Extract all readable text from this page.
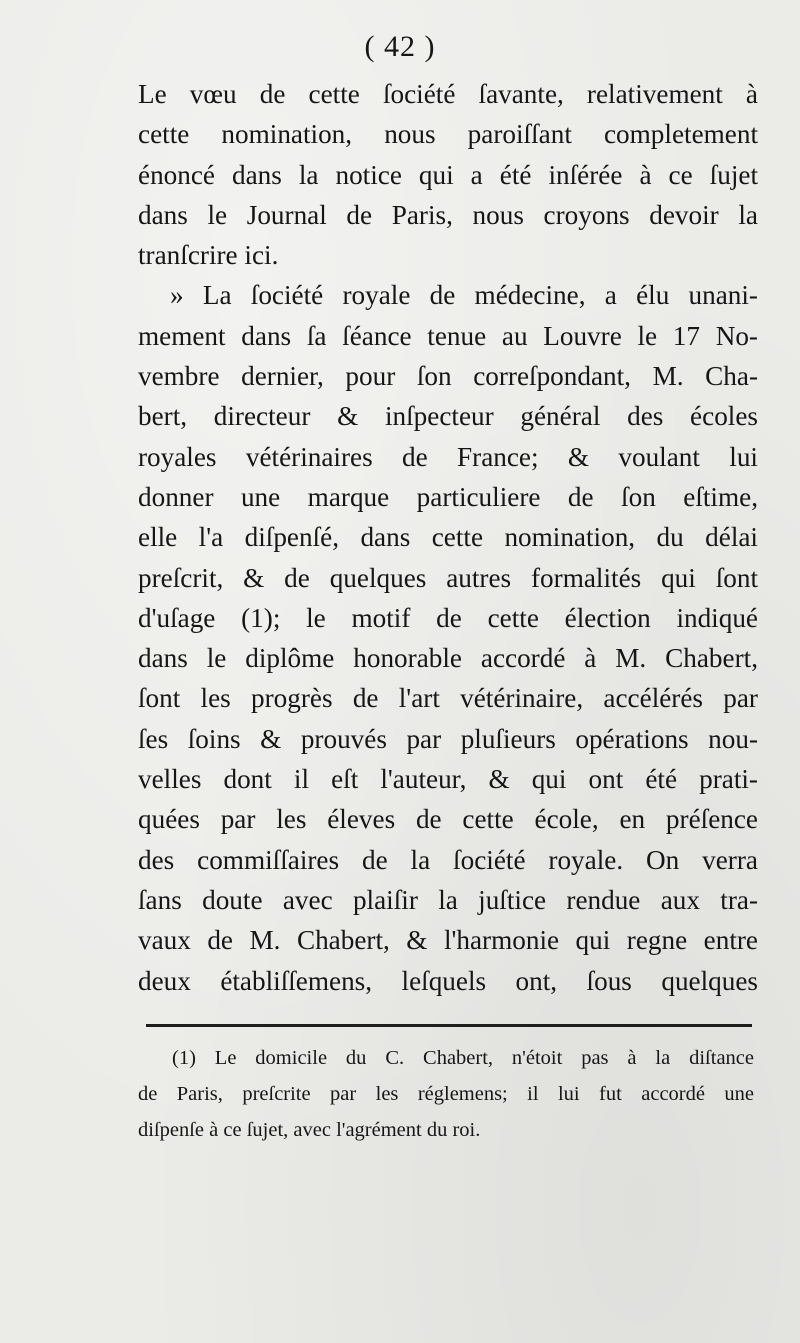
( 42 )
Le vœu de cette ſociété ſavante, relativement à
cette nomination, nous paroiſſant completement
énoncé dans la notice qui a été inſérée à ce ſujet
dans le Journal de Paris, nous croyons devoir la
tranſcrire ici.
» La ſociété royale de médecine, a élu unani-
mement dans ſa ſéance tenue au Louvre le 17 No-
vembre dernier, pour ſon correſpondant, M. Cha-
bert, directeur & inſpecteur général des écoles
royales vétérinaires de France; & voulant lui
donner une marque particuliere de ſon eſtime,
elle l'a diſpenſé, dans cette nomination, du délai
preſcrit, & de quelques autres formalités qui ſont
d'uſage (1); le motif de cette élection indiqué
dans le diplôme honorable accordé à M. Chabert,
ſont les progrès de l'art vétérinaire, accélérés par
ſes ſoins & prouvés par pluſieurs opérations nou-
velles dont il eſt l'auteur, & qui ont été prati-
quées par les éleves de cette école, en préſence
des commiſſaires de la ſociété royale. On verra
ſans doute avec plaiſir la juſtice rendue aux tra-
vaux de M. Chabert, & l'harmonie qui regne entre
deux établiſſemens, leſquels ont, ſous quelques
(1) Le domicile du C. Chabert, n'étoit pas à la diſtance
de Paris, preſcrite par les réglemens; il lui fut accordé une
diſpenſe à ce ſujet, avec l'agrément du roi.
